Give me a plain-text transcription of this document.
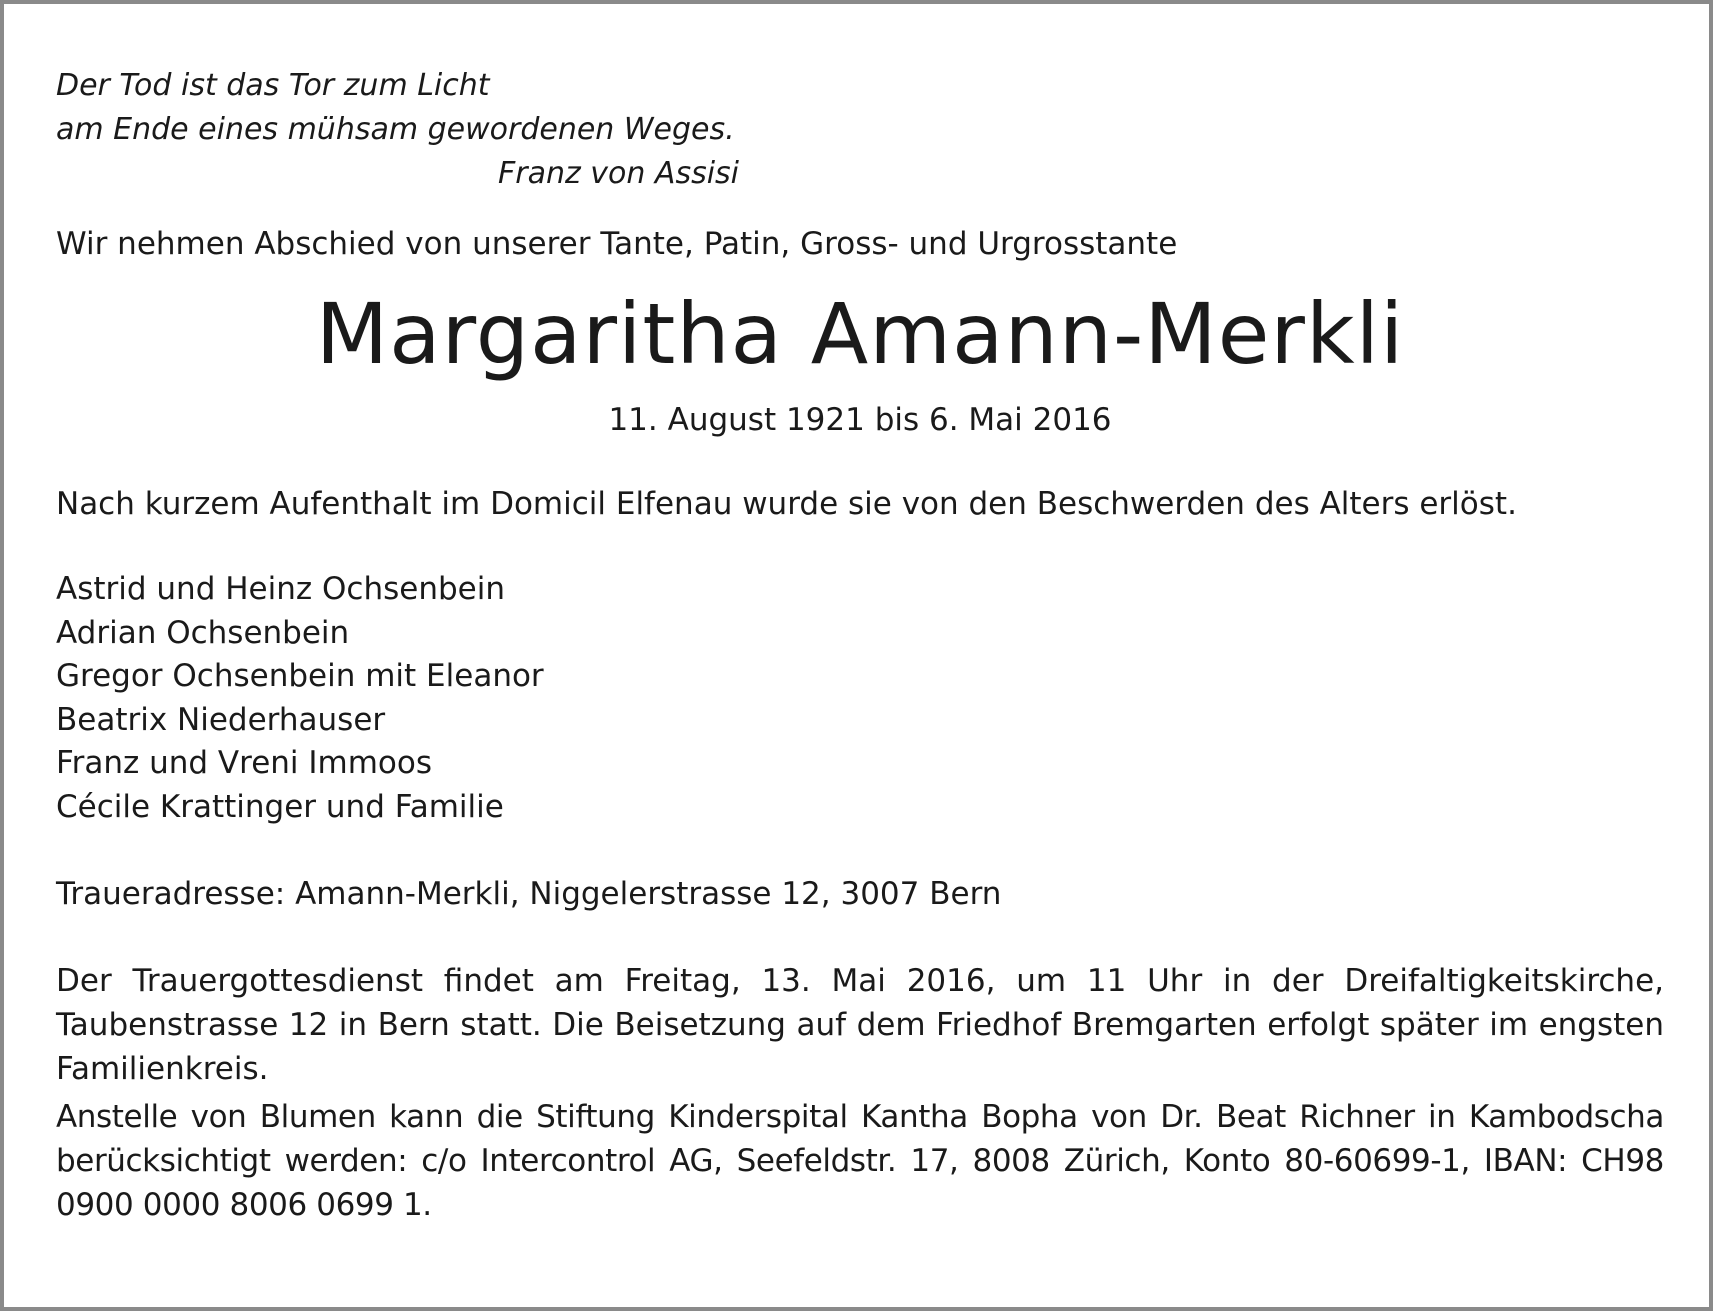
Der Tod ist das Tor zum Licht
am Ende eines mühsam gewordenen Weges.
Franz von Assisi
Wir nehmen Abschied von unserer Tante, Patin, Gross- und Urgrosstante
Margaritha Amann-Merkli
11. August 1921 bis 6. Mai 2016
Nach kurzem Aufenthalt im Domicil Elfenau wurde sie von den Beschwerden des Alters erlöst.
Astrid und Heinz Ochsenbein
Adrian Ochsenbein
Gregor Ochsenbein mit Eleanor
Beatrix Niederhauser
Franz und Vreni Immoos
Cécile Krattinger und Familie
Traueradresse: Amann-Merkli, Niggelerstrasse 12, 3007 Bern
Der Trauergottesdienst findet am Freitag, 13. Mai 2016, um 11 Uhr in der Dreifaltigkeitskirche, Taubenstrasse 12 in Bern statt. Die Beisetzung auf dem Friedhof Bremgarten erfolgt später im engsten Familienkreis.
Anstelle von Blumen kann die Stiftung Kinderspital Kantha Bopha von Dr. Beat Richner in Kambodscha berücksichtigt werden: c/o Intercontrol AG, Seefeldstr. 17, 8008 Zürich, Konto 80-60699-1, IBAN: CH98 0900 0000 8006 0699 1.
